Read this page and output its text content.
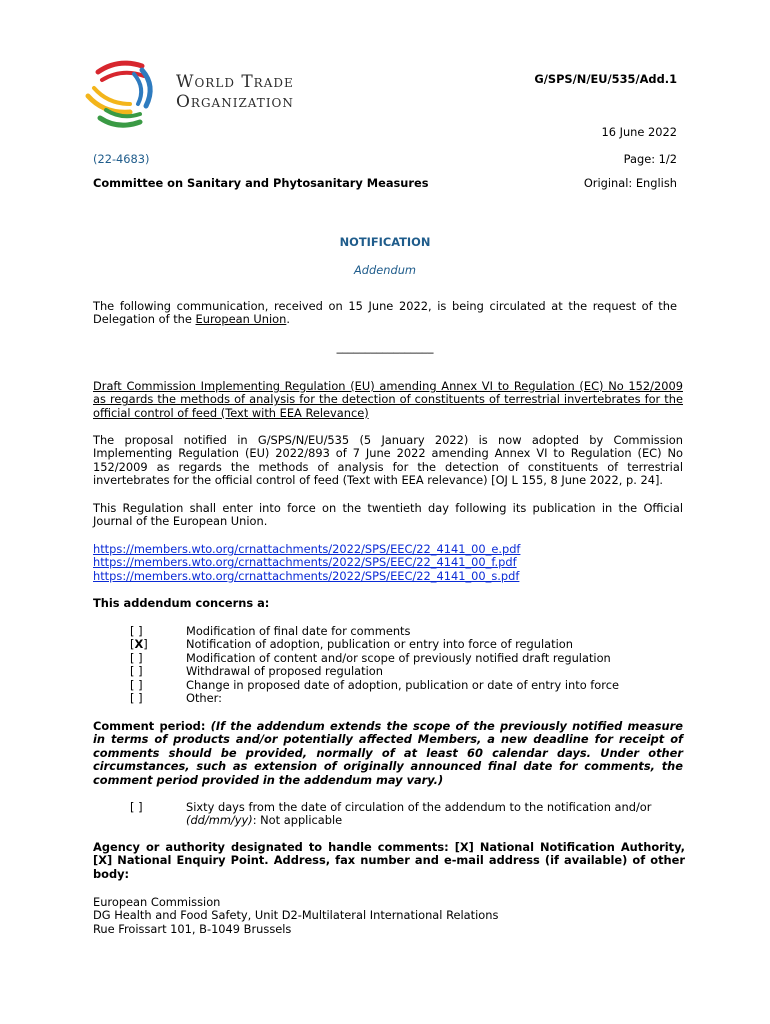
World Trade
Organization
G/SPS/N/EU/535/Add.1
16 June 2022
(22-4683)	Page: 1/2
Committee on Sanitary and Phytosanitary Measures	Original: English
NOTIFICATION
Addendum
The following communication, received on 15 June 2022, is being circulated at the request of the Delegation of the European Union.
_________________
Draft Commission Implementing Regulation (EU) amending Annex VI to Regulation (EC) No 152/2009 as regards the methods of analysis for the detection of constituents of terrestrial invertebrates for the official control of feed (Text with EEA Relevance)
The proposal notified in G/SPS/N/EU/535 (5 January 2022) is now adopted by Commission Implementing Regulation (EU) 2022/893 of 7 June 2022 amending Annex VI to Regulation (EC) No 152/2009 as regards the methods of analysis for the detection of constituents of terrestrial invertebrates for the official control of feed (Text with EEA relevance) [OJ L 155, 8 June 2022, p. 24].
This Regulation shall enter into force on the twentieth day following its publication in the Official Journal of the European Union.
https://members.wto.org/crnattachments/2022/SPS/EEC/22_4141_00_e.pdf
https://members.wto.org/crnattachments/2022/SPS/EEC/22_4141_00_f.pdf
https://members.wto.org/crnattachments/2022/SPS/EEC/22_4141_00_s.pdf
This addendum concerns a:
[ ]	Modification of final date for comments
[X]	Notification of adoption, publication or entry into force of regulation
[ ]	Modification of content and/or scope of previously notified draft regulation
[ ]	Withdrawal of proposed regulation
[ ]	Change in proposed date of adoption, publication or date of entry into force
[ ]	Other:
Comment period: (If the addendum extends the scope of the previously notified measure in terms of products and/or potentially affected Members, a new deadline for receipt of comments should be provided, normally of at least 60 calendar days. Under other circumstances, such as extension of originally announced final date for comments, the comment period provided in the addendum may vary.)
[ ]	Sixty days from the date of circulation of the addendum to the notification and/or (dd/mm/yy): Not applicable
Agency or authority designated to handle comments: [X] National Notification Authority, [X] National Enquiry Point. Address, fax number and e-mail address (if available) of other body:
European Commission
DG Health and Food Safety, Unit D2-Multilateral International Relations
Rue Froissart 101, B-1049 Brussels
